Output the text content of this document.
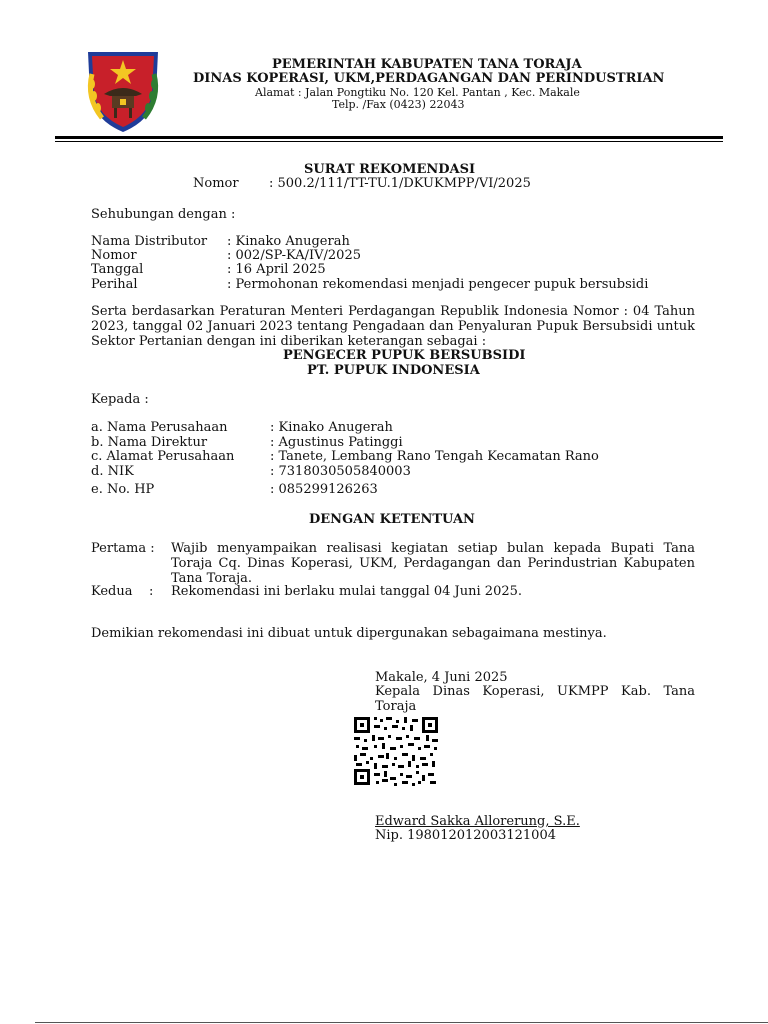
PEMERINTAH KABUPATEN TANA TORAJA
DINAS KOPERASI, UKM,PERDAGANGAN DAN PERINDUSTRIAN
Alamat : Jalan Pongtiku No. 120 Kel. Pantan , Kec. Makale
Telp. /Fax (0423) 22043
SURAT REKOMENDASI
Nomor : 500.2/111/TT-TU.1/DKUKMPP/VI/2025
Sehubungan dengan :
Nama Distributor : Kinako Anugerah
Nomor	: 002/SP-KA/IV/2025
Tanggal	: 16 April 2025
Perihal	: Permohonan rekomendasi menjadi pengecer pupuk bersubsidi
Serta berdasarkan Peraturan Menteri Perdagangan Republik Indonesia Nomor : 04 Tahun 2023, tanggal 02 Januari 2023 tentang Pengadaan dan Penyaluran Pupuk Bersubsidi untuk Sektor Pertanian dengan ini diberikan keterangan sebagai :
PENGECER PUPUK BERSUBSIDI
PT. PUPUK INDONESIA
Kepada :
a. Nama Perusahaan	: Kinako Anugerah
b. Nama Direktur	: Agustinus Patinggi
c. Alamat Perusahaan	: Tanete, Lembang Rano Tengah Kecamatan Rano
d. NIK	: 7318030505840003
e. No. HP	: 085299126263
DENGAN KETENTUAN
Pertama : Wajib menyampaikan realisasi kegiatan setiap bulan kepada Bupati Tana Toraja Cq. Dinas Koperasi, UKM, Perdagangan dan Perindustrian Kabupaten Tana Toraja.
Kedua    : Rekomendasi ini berlaku mulai tanggal 04 Juni 2025.
Demikian rekomendasi ini dibuat untuk dipergunakan sebagaimana mestinya.
Makale, 4 Juni 2025
Kepala Dinas Koperasi, UKMPP Kab. Tana Toraja
Edward Sakka Allorerung, S.E.
Nip. 198012012003121004
